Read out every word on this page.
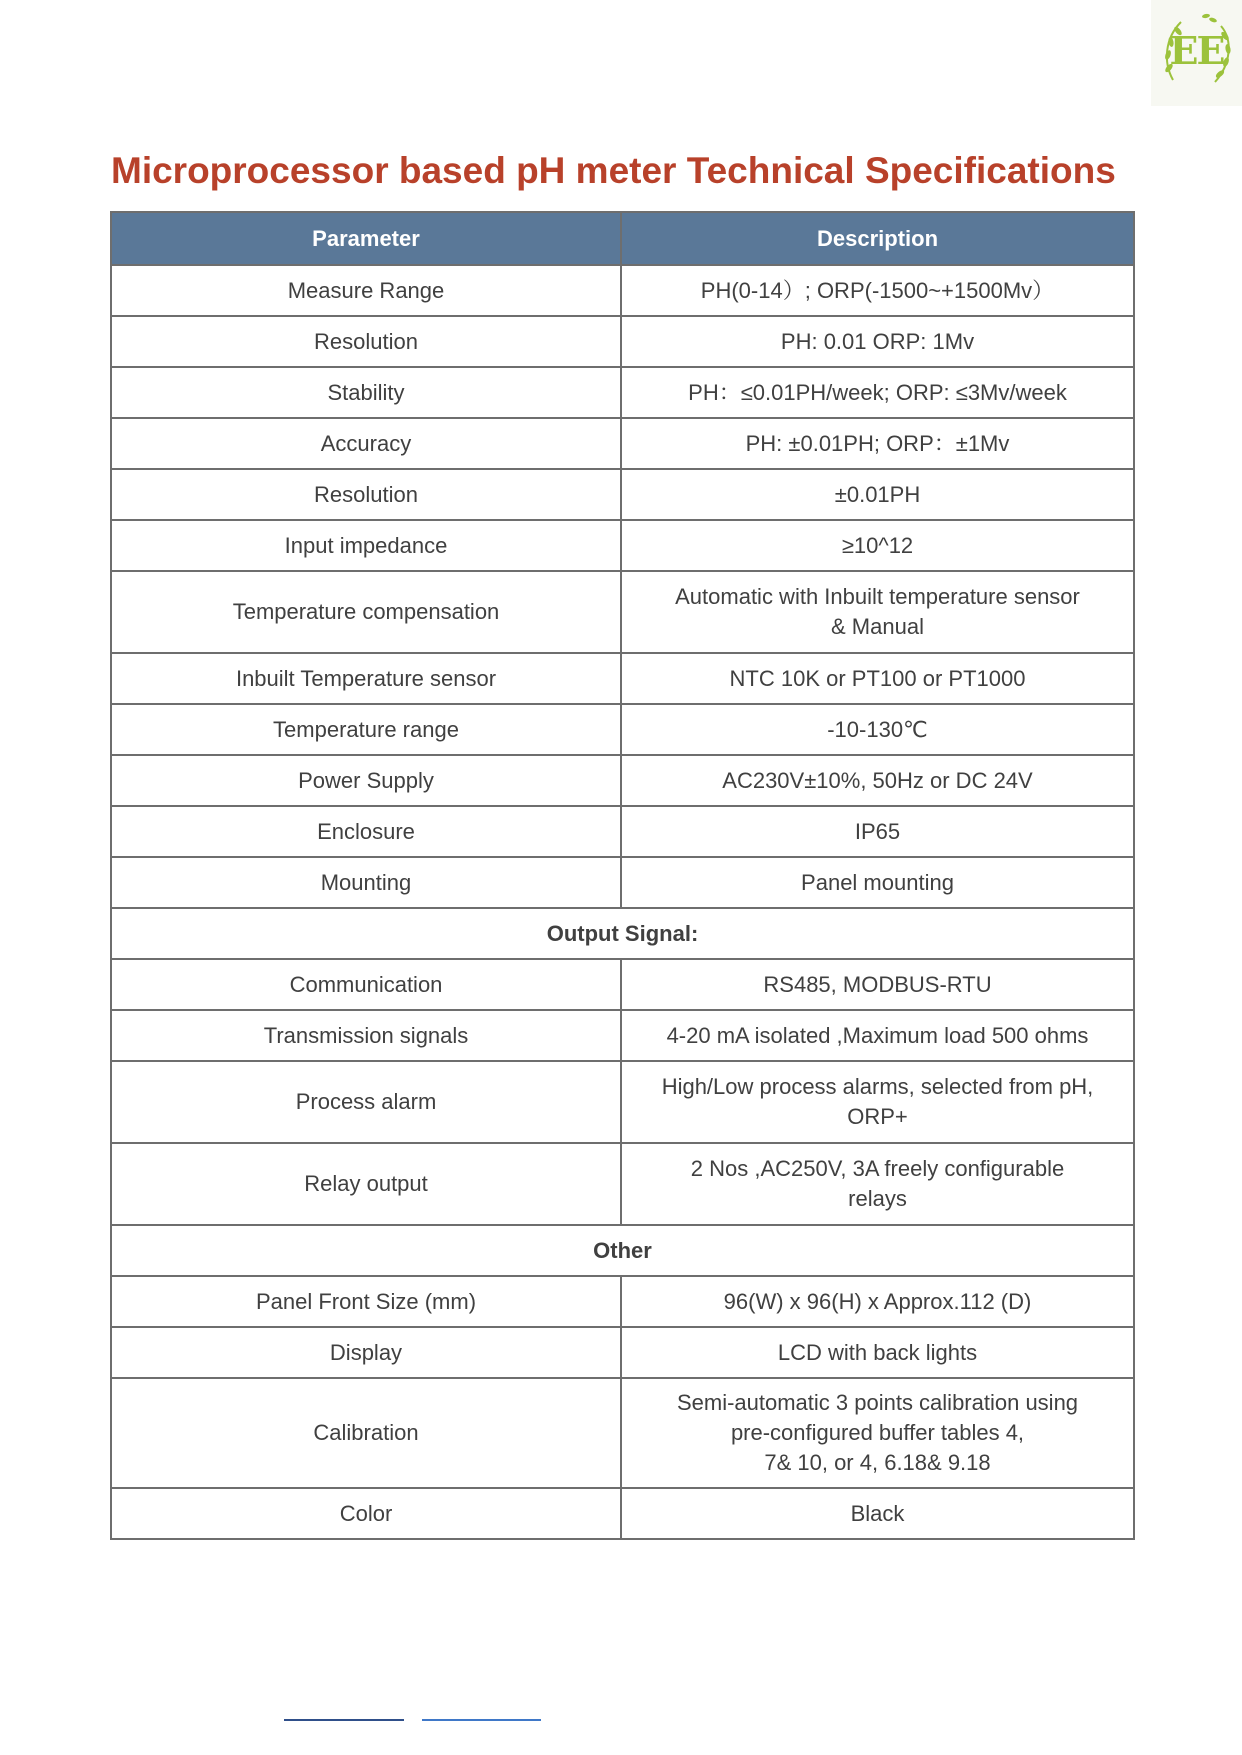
EE
Microprocessor based pH meter Technical Specifications
Parameter	Description
Measure Range	PH(0-14）; ORP(-1500~+1500Mv）

Resolution	PH: 0.01 ORP: 1Mv

Stability	PH：≤0.01PH/week; ORP: ≤3Mv/week

Accuracy	PH: ±0.01PH; ORP：±1Mv

Resolution	±0.01PH

Input impedance	≥10^12

Temperature compensation	Automatic with Inbuilt temperature sensor
& Manual

Inbuilt Temperature sensor	NTC 10K or PT100 or PT1000

Temperature range	-10-130℃

Power Supply	AC230V±10%, 50Hz or DC 24V

Enclosure	IP65

Mounting	Panel mounting

Output Signal:	
Communication	RS485, MODBUS-RTU

Transmission signals	4-20 mA isolated ,Maximum load 500 ohms

Process alarm	High/Low process alarms, selected from pH,
ORP+

Relay output	2 Nos ,AC250V, 3A freely configurable
relays

Other	
Panel Front Size (mm)	96(W) x 96(H) x Approx.112 (D)

Display	LCD with back lights

Calibration	Semi-automatic 3 points calibration using
pre-configured buffer tables 4,
7& 10, or 4, 6.18& 9.18

Color	Black
